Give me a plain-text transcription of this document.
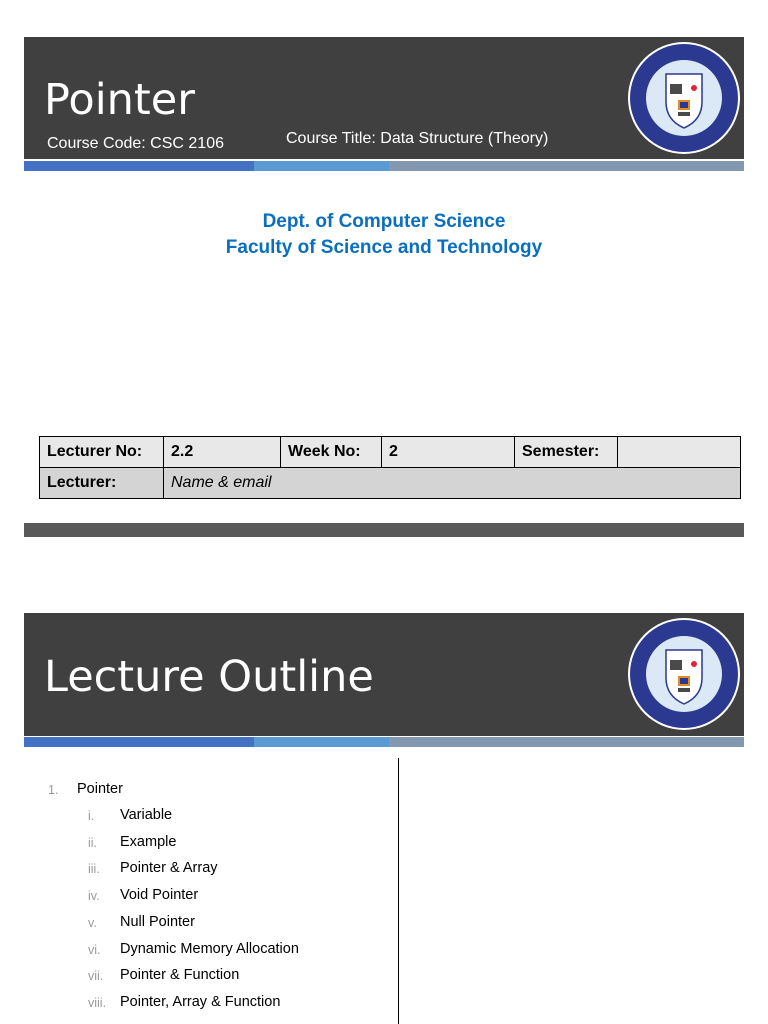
Pointer
Course Code: CSC 2106	Course Title: Data Structure (Theory)
Dept. of Computer Science
Faculty of Science and Technology
Lecturer No:	2.2	Week No:	2	Semester:	
Lecturer:	Name & email				
Lecture Outline
1. Pointer
i. Variable
ii. Example
iii. Pointer & Array
iv. Void Pointer
v. Null Pointer
vi. Dynamic Memory Allocation
vii. Pointer & Function
viii. Pointer, Array & Function
